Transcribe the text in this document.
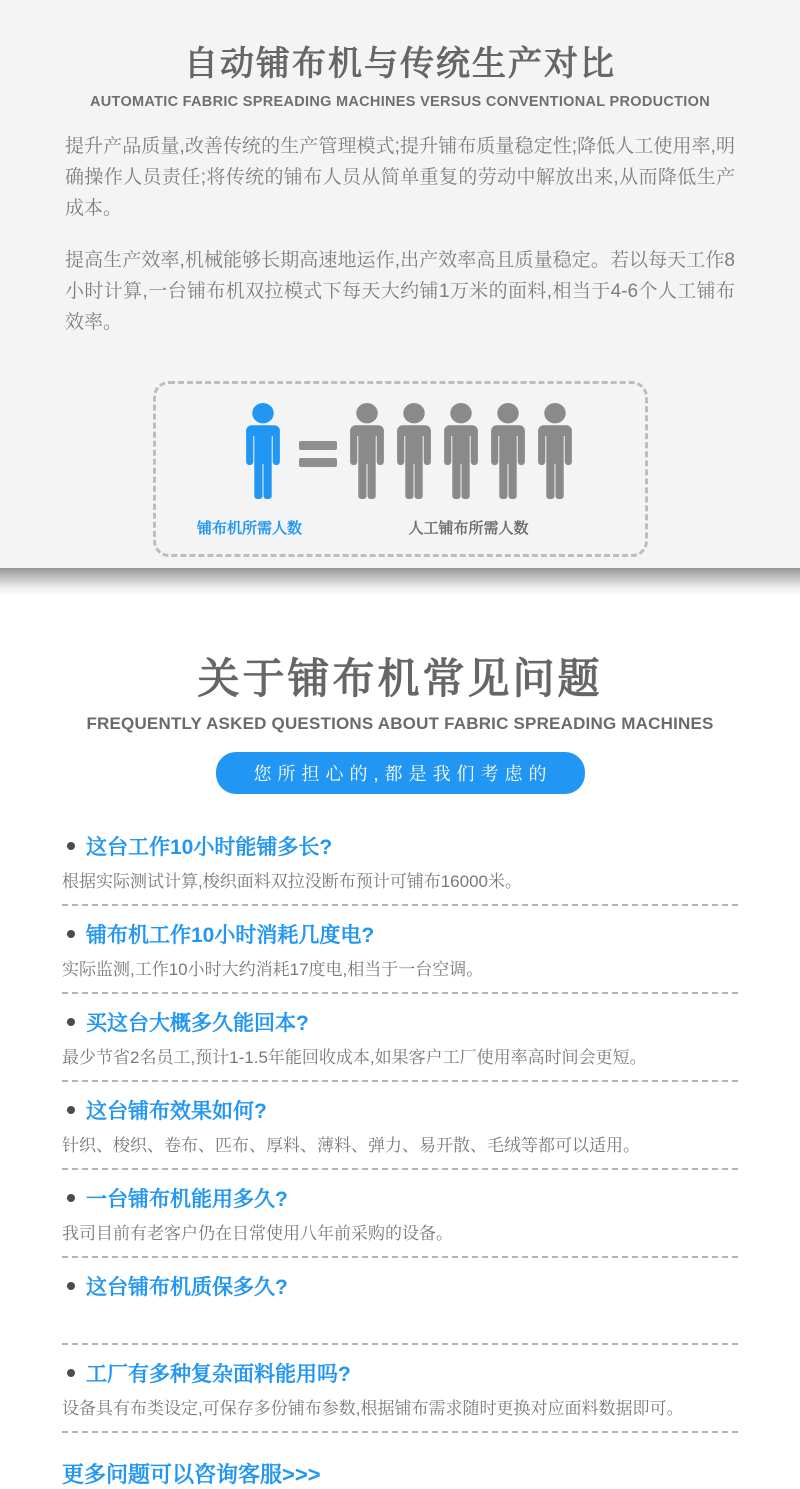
自动铺布机与传统生产对比
AUTOMATIC FABRIC SPREADING MACHINES VERSUS CONVENTIONAL PRODUCTION

提升产品质量,改善传统的生产管理模式;提升铺布质量稳定性;降低人工使用率,明确操作人员责任;将传统的铺布人员从简单重复的劳动中解放出来,从而降低生产成本。

提高生产效率,机械能够长期高速地运作,出产效率高且质量稳定。若以每天工作8小时计算,一台铺布机双拉模式下每天大约铺1万米的面料,相当于4-6个人工铺布效率。

铺布机所需人数	人工铺布所需人数
关于铺布机常见问题
FREQUENTLY ASKED QUESTIONS ABOUT FABRIC SPREADING MACHINES
您所担心的,都是我们考虑的
这台工作10小时能铺多长?

根据实际测试计算,梭织面料双拉没断布预计可铺布16000米。

铺布机工作10小时消耗几度电?

实际监测,工作10小时大约消耗17度电,相当于一台空调。

买这台大概多久能回本?

最少节省2名员工,预计1-1.5年能回收成本,如果客户工厂使用率高时间会更短。

这台铺布效果如何?

针织、梭织、卷布、匹布、厚料、薄料、弹力、易开散、毛绒等都可以适用。

一台铺布机能用多久?

我司目前有老客户仍在日常使用八年前采购的设备。

这台铺布机质保多久?
工厂有多种复杂面料能用吗?

设备具有布类设定,可保存多份铺布参数,根据铺布需求随时更换对应面料数据即可。

更多问题可以咨询客服>>>
